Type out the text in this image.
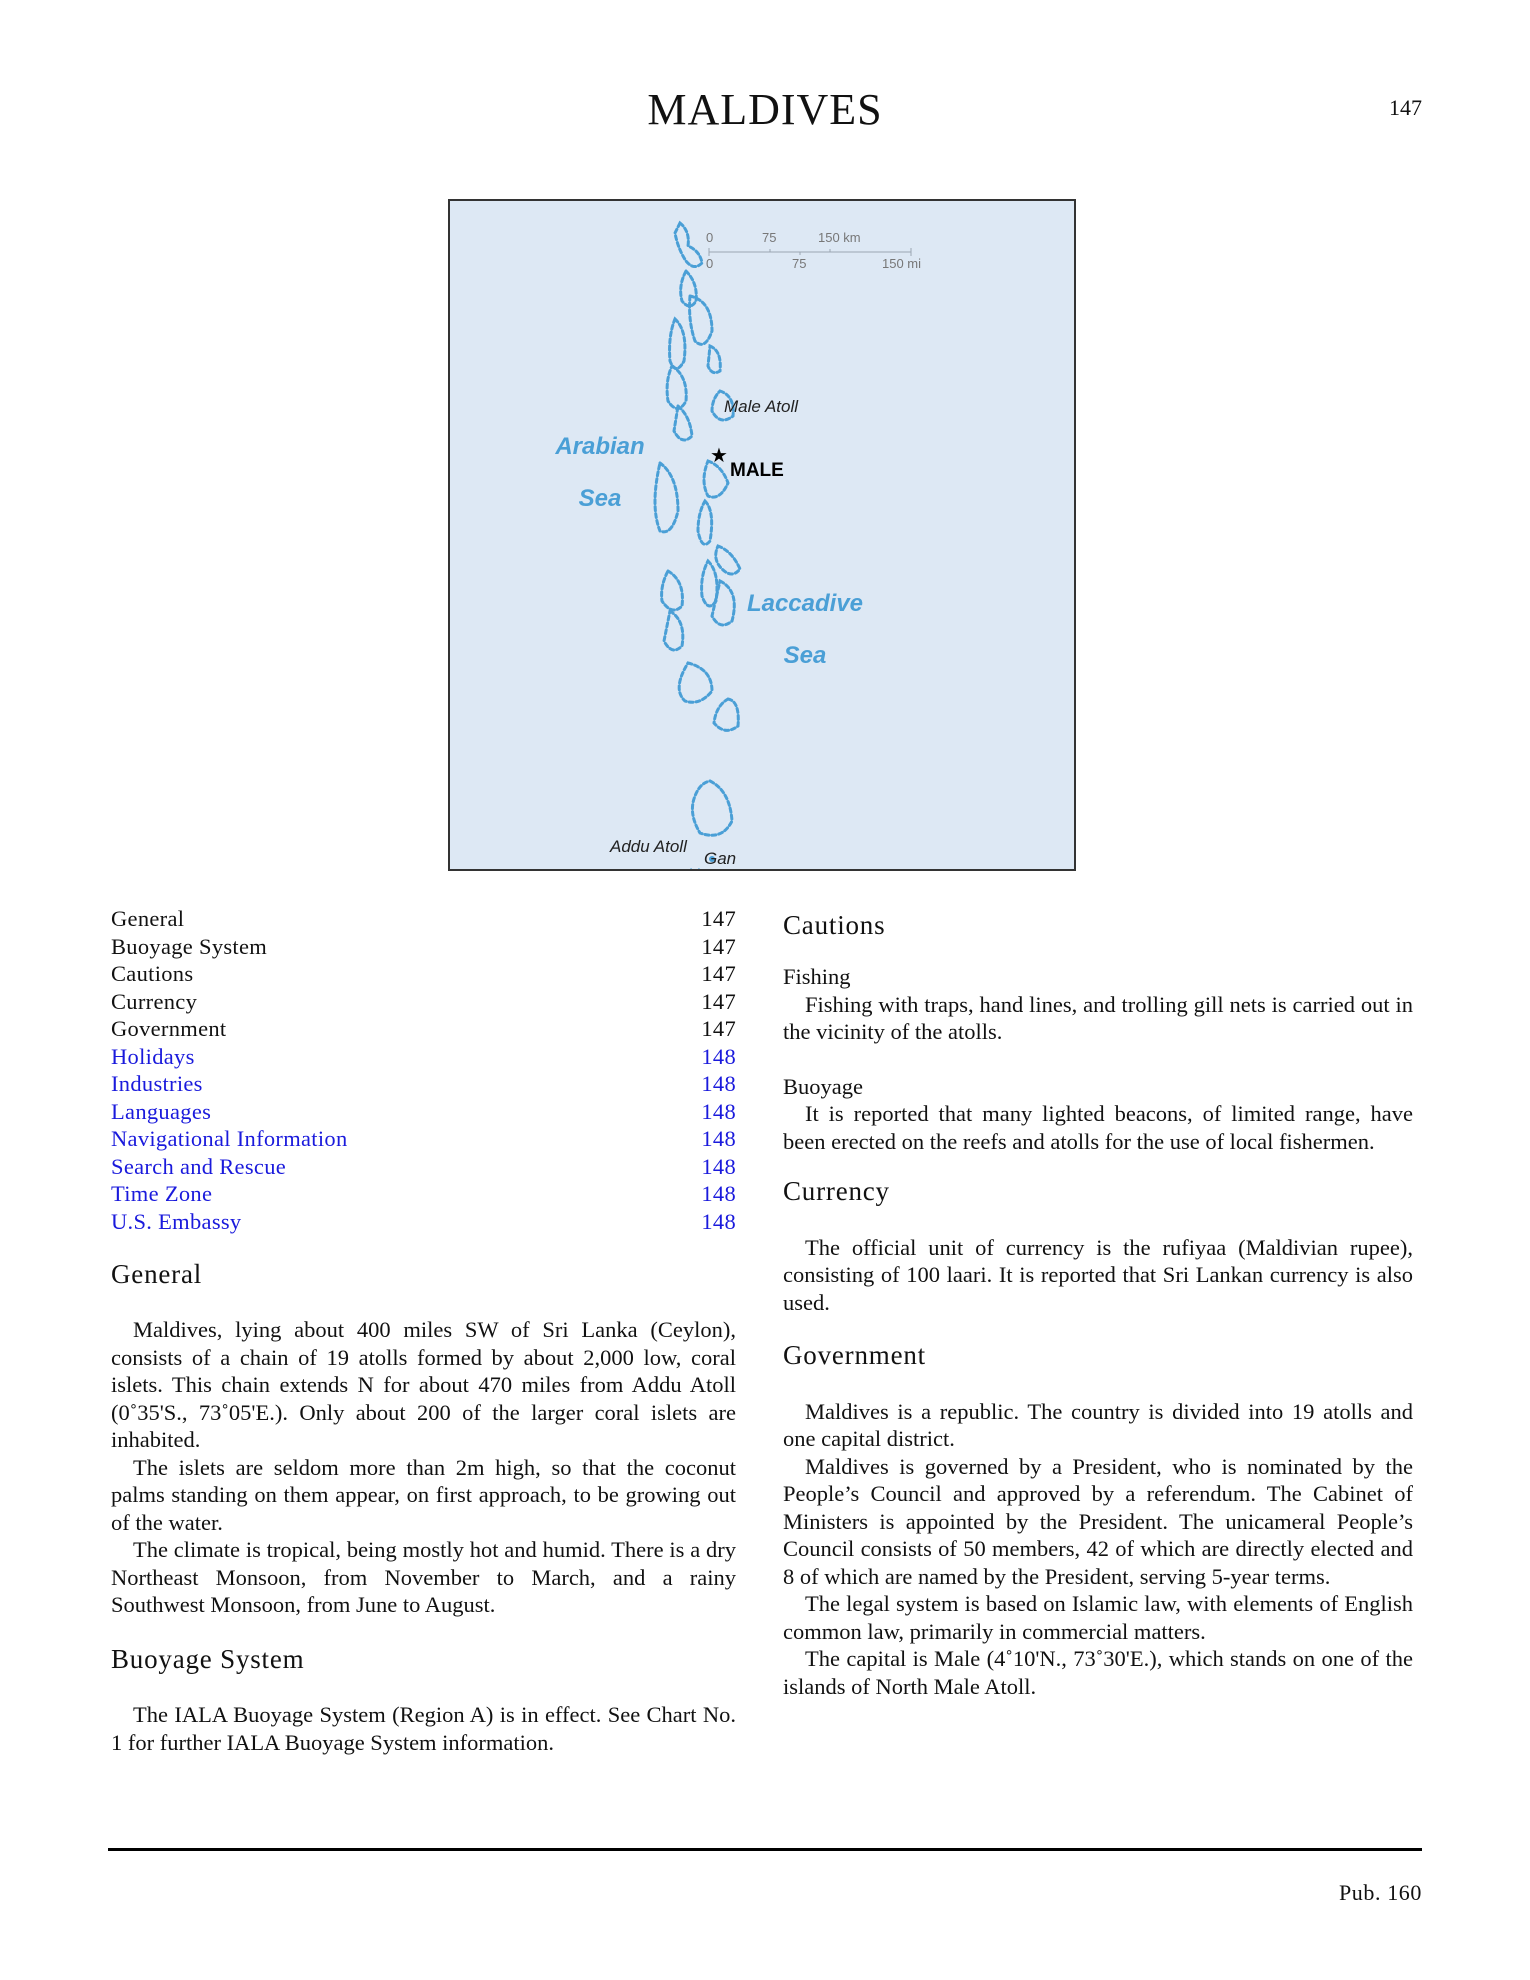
MALDIVES	147
0	75	150 km
0	75	150 mi
Arabian
Sea
Laccadive
Sea
Male Atoll
★
MALE
Addu Atoll
Gan
General	147
Buoyage System	147
Cautions	147
Currency	147
Government	147
Holidays	148
Industries	148
Languages	148
Navigational Information	148
Search and Rescue	148
Time Zone	148
U.S. Embassy	148
General

Maldives, lying about 400 miles SW of Sri Lanka (Ceylon), consists of a chain of 19 atolls formed by about 2,000 low, coral islets. This chain extends N for about 470 miles from Addu Atoll (0˚35'S., 73˚05'E.). Only about 200 of the larger coral islets are inhabited.

The islets are seldom more than 2m high, so that the coconut palms standing on them appear, on first approach, to be growing out of the water.

The climate is tropical, being mostly hot and humid. There is a dry Northeast Monsoon, from November to March, and a rainy Southwest Monsoon, from June to August.

Buoyage System

The IALA Buoyage System (Region A) is in effect. See Chart No. 1 for further IALA Buoyage System information.

Cautions
Fishing

Fishing with traps, hand lines, and trolling gill nets is carried out in the vicinity of the atolls.

Buoyage

It is reported that many lighted beacons, of limited range, have been erected on the reefs and atolls for the use of local fishermen.

Currency

The official unit of currency is the rufiyaa (Maldivian rupee), consisting of 100 laari. It is reported that Sri Lankan currency is also used.

Government

Maldives is a republic. The country is divided into 19 atolls and one capital district.

Maldives is governed by a President, who is nominated by the People’s Council and approved by a referendum. The Cabinet of Ministers is appointed by the President. The unicameral People’s Council consists of 50 members, 42 of which are directly elected and 8 of which are named by the President, serving 5-year terms.

The legal system is based on Islamic law, with elements of English common law, primarily in commercial matters.

The capital is Male (4˚10'N., 73˚30'E.), which stands on one of the islands of North Male Atoll.

Pub. 160
